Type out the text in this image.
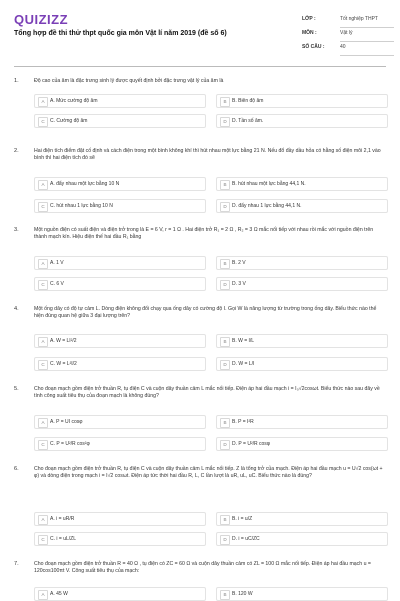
QUIZIZZ
Tổng hợp đề thi thử thpt quốc gia môn Vật lí năm 2019 (đề số 6)
LỚP :	Tốt nghiệp THPT
MÔN :	Vật lý
SỐ CÂU :	40
1.	Độ cao của âm là đặc trưng sinh lý được quyết định bởi đặc trưng vật lý của âm là
A	A. Mức cường độ âm	B	B. Biên độ âm
C	C. Cường độ âm	D	D. Tần số âm.
2.	Hai điện tích điểm đặt cố định và cách điện trong một bình không khí thì hút nhau một lực bằng 21 N. Nếu đổ đầy dầu hỏa có hằng số điện môi 2,1 vào bình thì hai điện tích đó sẽ
A	A. đẩy nhau một lực bằng 10 N	B	B. hút nhau một lực bằng 44,1 N.
C	C. hút nhau 1 lực bằng 10 N	D	D. đẩy nhau 1 lực bằng 44,1 N.
3.	Một nguồn điện có suất điện và điện trở trong là E = 6 V, r = 1 Ω . Hai điện trở R₁ = 2 Ω , R₂ = 3 Ω mắc nối tiếp với nhau rồi mắc với nguồn điện trên thành mạch kín. Hiệu điện thế hai đầu R₁ bằng
A	A. 1 V	B	B. 2 V
C	C. 6 V	D	D. 3 V
4.	Một ống dây có độ tự cảm L. Dòng điện không đổi chạy qua ống dây có cường độ I. Gọi W là năng lượng từ trường trong ống dây. Biểu thức nào thể hiện đúng quan hệ giữa 3 đại lượng trên?
A	A. W = LI²/2	B	B. W = I/L
C	C. W = L²I/2	D	D. W = L/I
5.	Cho đoạn mạch gồm điện trở thuần R, tụ điện C và cuộn dây thuần cảm L mắc nối tiếp. Điện áp hai đầu mạch i = I₀√2cosωt. Biểu thức nào sau đây về tính công suất tiêu thụ của đoạn mạch là không đúng?
A	A. P = UI cosφ	B	B. P = I²R
C	C. P = U²/R cos²φ	D	D. P = U²/R cosφ
6.	Cho đoạn mạch gồm điện trở thuần R, tụ điện C và cuộn dây thuần cảm L mắc nối tiếp. Z là tổng trở của mạch. Điện áp hai đầu mạch u = U√2 cos(ωt + φ) và dòng điện trong mạch i = I√2 cosωt. Điện áp tức thời hai đầu R, L, C lần lượt là uR, uL, uC. Biểu thức nào là đúng?
A	A. i = uR/R	B	B. i = u/Z
C	C. i = uL/ZL	D	D. i = uC/ZC
7.	Cho đoạn mạch gồm điện trở thuần R = 40 Ω , tụ điện có ZC = 60 Ω và cuộn dây thuần cảm có ZL = 100 Ω mắc nối tiếp. Điện áp hai đầu mạch u = 120cos100πt V. Công suất tiêu thụ của mạch:
A	A. 45 W	B	B. 120 W
